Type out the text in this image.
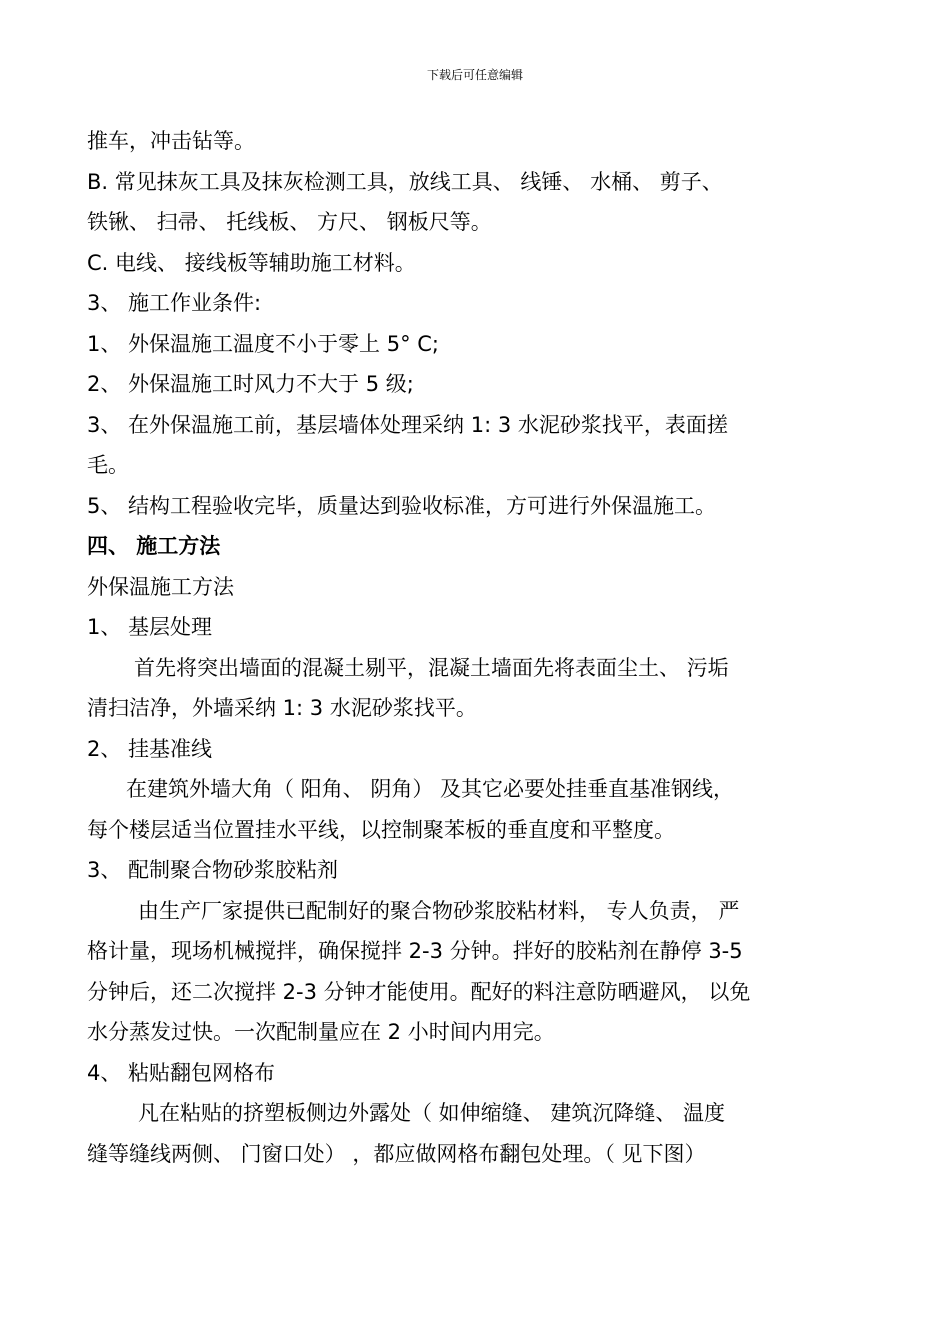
下载后可任意编辑
推车，冲击钻等。
B. 常见抹灰工具及抹灰检测工具，放线工具、 线锤、 水桶、 剪子、
铁锹、 扫帚、 托线板、 方尺、 钢板尺等。
C. 电线、 接线板等辅助施工材料。
3、 施工作业条件:
1、 外保温施工温度不小于零上 5° C;
2、 外保温施工时风力不大于 5 级;
3、 在外保温施工前，基层墙体处理采纳 1: 3 水泥砂浆找平，表面搓
毛。
5、 结构工程验收完毕，质量达到验收标准，方可进行外保温施工。
四、 施工方法
外保温施工方法
1、 基层处理
首先将突出墙面的混凝土剔平，混凝土墙面先将表面尘土、 污垢
清扫洁净，外墙采纳 1: 3 水泥砂浆找平。
2、 挂基准线
在建筑外墙大角（ 阳角、 阴角） 及其它必要处挂垂直基准钢线，
每个楼层适当位置挂水平线，以控制聚苯板的垂直度和平整度。
3、 配制聚合物砂浆胶粘剂
由生产厂家提供已配制好的聚合物砂浆胶粘材料， 专人负责， 严
格计量，现场机械搅拌，确保搅拌 2-3 分钟。拌好的胶粘剂在静停 3-5
分钟后，还二次搅拌 2-3 分钟才能使用。配好的料注意防晒避风， 以免
水分蒸发过快。一次配制量应在 2 小时间内用完。
4、 粘贴翻包网格布
凡在粘贴的挤塑板侧边外露处（ 如伸缩缝、 建筑沉降缝、 温度
缝等缝线两侧、 门窗口处） ，都应做网格布翻包处理。（ 见下图）
